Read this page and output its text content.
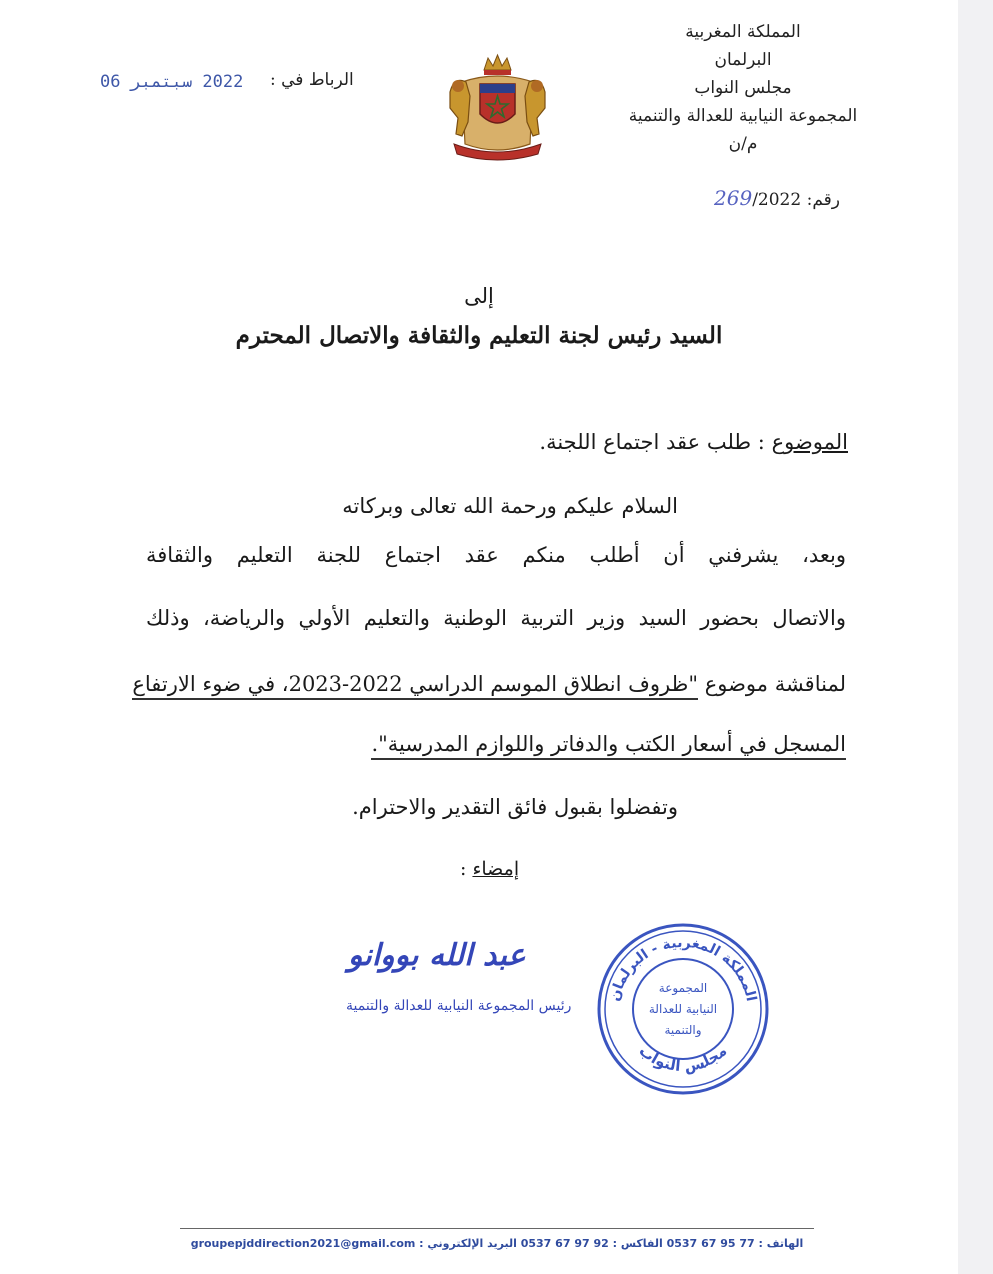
المملكة المغربية
البرلمان
مجلس النواب
المجموعة النيابية للعدالة والتنمية
م/ن
الرباط في :
2022 سبتمبر 06
رقم: 269/2022
إلى
السيد رئيس لجنة التعليم والثقافة والاتصال المحترم
الموضوع : طلب عقد اجتماع اللجنة.
السلام عليكم ورحمة الله تعالى وبركاته
وبعد، يشرفني أن أطلب منكم عقد اجتماع للجنة التعليم والثقافة
والاتصال بحضور السيد وزير التربية الوطنية والتعليم الأولي والرياضة، وذلك
لمناقشة موضوع "ظروف انطلاق الموسم الدراسي 2022-2023، في ضوء الارتفاع
المسجل في أسعار الكتب والدفاتر واللوازم المدرسية".
وتفضلوا بقبول فائق التقدير والاحترام.
إمضاء :
عبد الله بووانو
رئيس المجموعة النيابية للعدالة والتنمية
المملكة المغربية - البرلمان
مجلس النواب
المجموعة
النيابية للعدالة
والتنمية
الهاتف : 77 95 67 0537 الفاكس : 92 97 67 0537 البريد الإلكتروني : groupepjddirection2021@gmail.com
